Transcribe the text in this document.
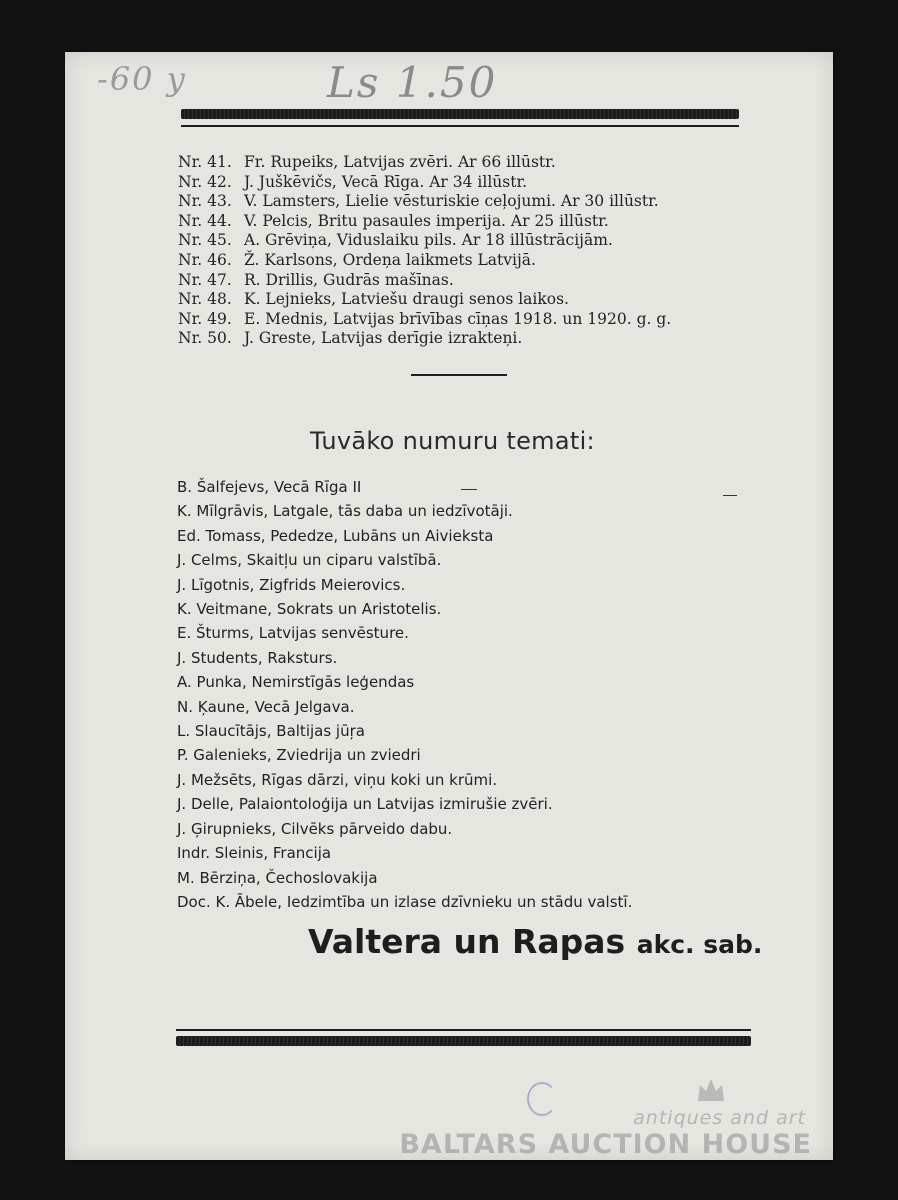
-60 y	Ls 1.50
Nr. 41. Fr. Rupeiks, Latvijas zvēri. Ar 66 illūstr.
Nr. 42. J. Juškēvičs, Vecā Rīga. Ar 34 illūstr.
Nr. 43. V. Lamsters, Lielie vēsturiskie ceļojumi. Ar 30 illūstr.
Nr. 44. V. Pelcis, Britu pasaules imperija. Ar 25 illūstr.
Nr. 45. A. Grēviņa, Viduslaiku pils. Ar 18 illūstrācijām.
Nr. 46. Ž. Karlsons, Ordeņa laikmets Latvijā.
Nr. 47. R. Drillis, Gudrās mašīnas.
Nr. 48. K. Lejnieks, Latviešu draugi senos laikos.
Nr. 49. E. Mednis, Latvijas brīvības cīņas 1918. un 1920. g. g.
Nr. 50. J. Greste, Latvijas derīgie izrakteņi.
Tuvāko numuru temati:
B. Šalfejevs, Vecā Rīga II
K. Mīlgrāvis, Latgale, tās daba un iedzīvotāji.
Ed. Tomass, Pededze, Lubāns un Aiviekstа
J. Celms, Skaitļu un ciparu valstībā.
J. Līgotnis, Zigfrids Meierovics.
K. Veitmane, Sokrats un Aristotelis.
E. Šturms, Latvijas senvēsture.
J. Students, Raksturs.
A. Punka, Nemirstīgās leģendas
N. Ķaune, Vecā Jelgava.
L. Slaucītājs, Baltijas jūŗa
P. Galenieks, Zviedrija un zviedri
J. Mežsēts, Rīgas dārzi, viņu koki un krūmi.
J. Delle, Palaiontoloģija un Latvijas izmirušie zvēri.
J. Ģirupnieks, Cilvēks pārveido dabu.
Indr. Sleinis, Francija
M. Bērziņa, Čechoslovakija
Doc. K. Ābele, Iedzimtība un izlase dzīvnieku un stādu valstī.
Valtera un Rapas akc. sab.
antiques and art
BALTARS AUCTION HOUSE
